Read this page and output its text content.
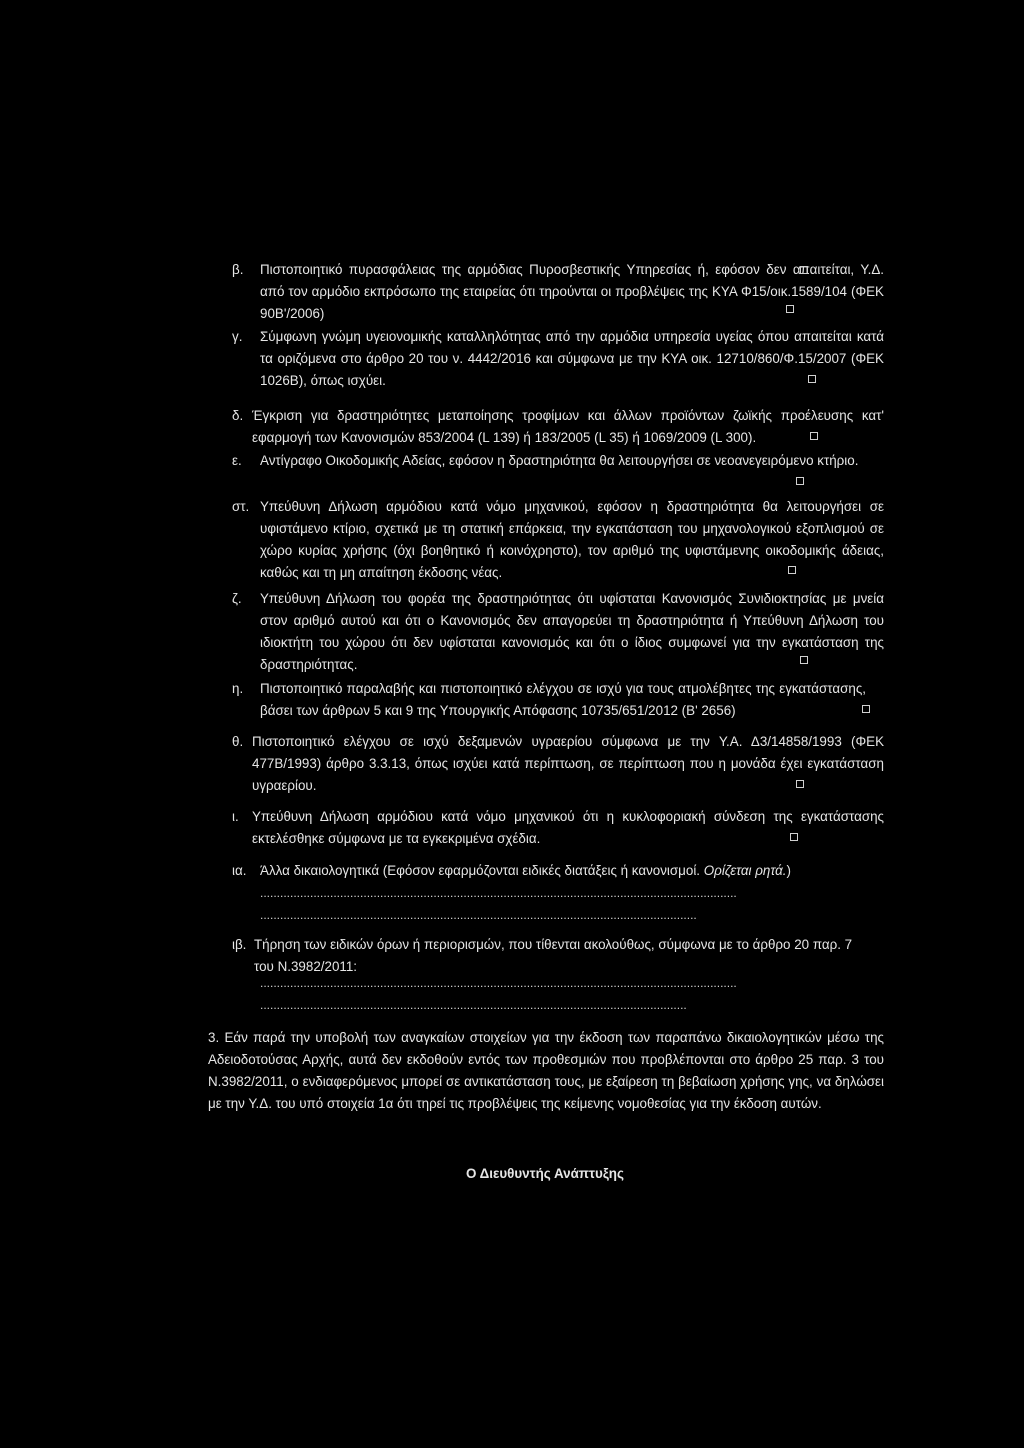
β. Πιστοποιητικό πυρασφάλειας της αρμόδιας Πυροσβεστικής Υπηρεσίας ή, εφόσον δεν απαιτείται, Υ.Δ. από τον αρμόδιο εκπρόσωπο της εταιρείας ότι τηρούνται οι προβλέψεις της ΚΥΑ Φ15/οικ.1589/104 (ΦΕΚ 90Β'/2006)
γ. Σύμφωνη γνώμη υγειονομικής καταλληλότητας από την αρμόδια υπηρεσία υγείας όπου απαιτείται κατά τα οριζόμενα στο άρθρο 20 του ν. 4442/2016 και σύμφωνα με την ΚΥΑ οικ. 12710/860/Φ.15/2007 (ΦΕΚ 1026Β), όπως ισχύει.
δ. Έγκριση για δραστηριότητες μεταποίησης τροφίμων και άλλων προϊόντων ζωϊκής προέλευσης κατ' εφαρμογή των Κανονισμών 853/2004 (L 139) ή 183/2005 (L 35) ή 1069/2009 (L 300).
ε. Αντίγραφο Οικοδομικής Αδείας, εφόσον η δραστηριότητα θα λειτουργήσει σε νεοανεγειρόμενο κτήριο.
στ. Υπεύθυνη Δήλωση αρμόδιου κατά νόμο μηχανικού, εφόσον η δραστηριότητα θα λειτουργήσει σε υφιστάμενο κτίριο, σχετικά με τη στατική επάρκεια, την εγκατάσταση του μηχανολογικού εξοπλισμού σε χώρο κυρίας χρήσης (όχι βοηθητικό ή κοινόχρηστο), τον αριθμό της υφιστάμενης οικοδομικής άδειας, καθώς και τη μη απαίτηση έκδοσης νέας.
ζ. Υπεύθυνη Δήλωση του φορέα της δραστηριότητας ότι υφίσταται Κανονισμός Συνιδιοκτησίας με μνεία στον αριθμό αυτού και ότι ο Κανονισμός δεν απαγορεύει τη δραστηριότητα ή Υπεύθυνη Δήλωση του ιδιοκτήτη του χώρου ότι δεν υφίσταται κανονισμός και ότι ο ίδιος συμφωνεί για την εγκατάσταση της δραστηριότητας.
η. Πιστοποιητικό παραλαβής και πιστοποιητικό ελέγχου σε ισχύ για τους ατμολέβητες της εγκατάστασης, βάσει των άρθρων 5 και 9 της Υπουργικής Απόφασης 10735/651/2012 (Β' 2656)
θ. Πιστοποιητικό ελέγχου σε ισχύ δεξαμενών υγραερίου σύμφωνα με την Υ.Α. Δ3/14858/1993 (ΦΕΚ 477Β/1993) άρθρο 3.3.13, όπως ισχύει κατά περίπτωση, σε περίπτωση που η μονάδα έχει εγκατάσταση υγραερίου.
ι. Υπεύθυνη Δήλωση αρμόδιου κατά νόμο μηχανικού ότι η κυκλοφοριακή σύνδεση της εγκατάστασης εκτελέσθηκε σύμφωνα με τα εγκεκριμένα σχέδια.
ια. Άλλα δικαιολογητικά (Εφόσον εφαρμόζονται ειδικές διατάξεις ή κανονισμοί. Ορίζεται ρητά.)
...............................................................................................................................................
...................................................................................................................................
ιβ. Τήρηση των ειδικών όρων ή περιορισμών, που τίθενται ακολούθως, σύμφωνα με το άρθρο 20 παρ. 7 του Ν.3982/2011:
...............................................................................................................................................
................................................................................................................................
3. Εάν παρά την υποβολή των αναγκαίων στοιχείων για την έκδοση των παραπάνω δικαιολογητικών μέσω της Αδειοδοτούσας Αρχής, αυτά δεν εκδοθούν εντός των προθεσμιών που προβλέπονται στο άρθρο 25 παρ. 3 του Ν.3982/2011, ο ενδιαφερόμενος μπορεί σε αντικατάσταση τους, με εξαίρεση τη βεβαίωση χρήσης γης, να δηλώσει με την Υ.Δ. του υπό στοιχεία 1α ότι τηρεί τις προβλέψεις της κείμενης νομοθεσίας για την έκδοση αυτών.
Ο Διευθυντής Ανάπτυξης
